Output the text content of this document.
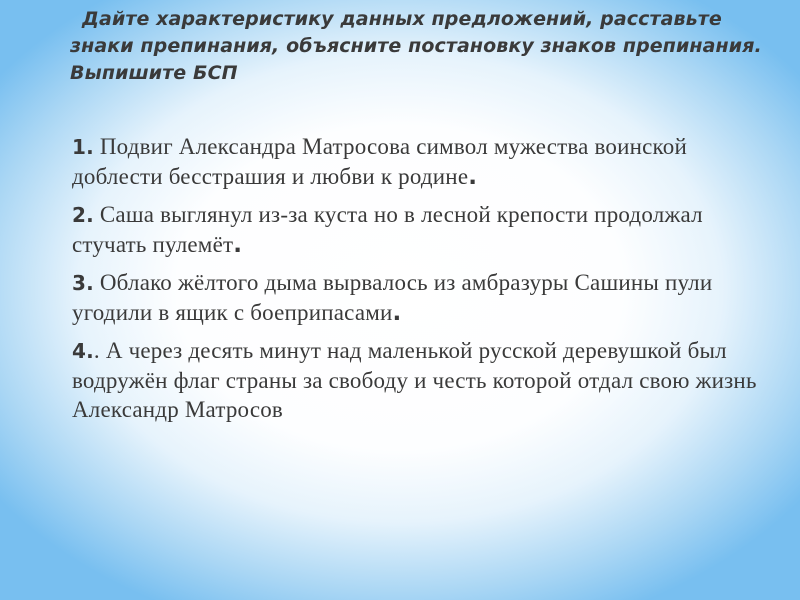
Дайте характеристику данных предложений, расставьте знаки препинания, объясните постановку знаков препинания. Выпишите БСП

1. Подвиг Александра Матросова символ мужества воинской доблести бесстрашия и любви к родине.
2. Саша выглянул из-за куста но в лесной крепости продолжал стучать пулемёт.
3. Облако жёлтого дыма вырвалось из амбразуры Сашины пули угодили в ящик с боеприпасами.
4.. А через десять минут над маленькой русской деревушкой был водружён флаг страны за свободу и честь которой отдал свою жизнь Александр Матросов
